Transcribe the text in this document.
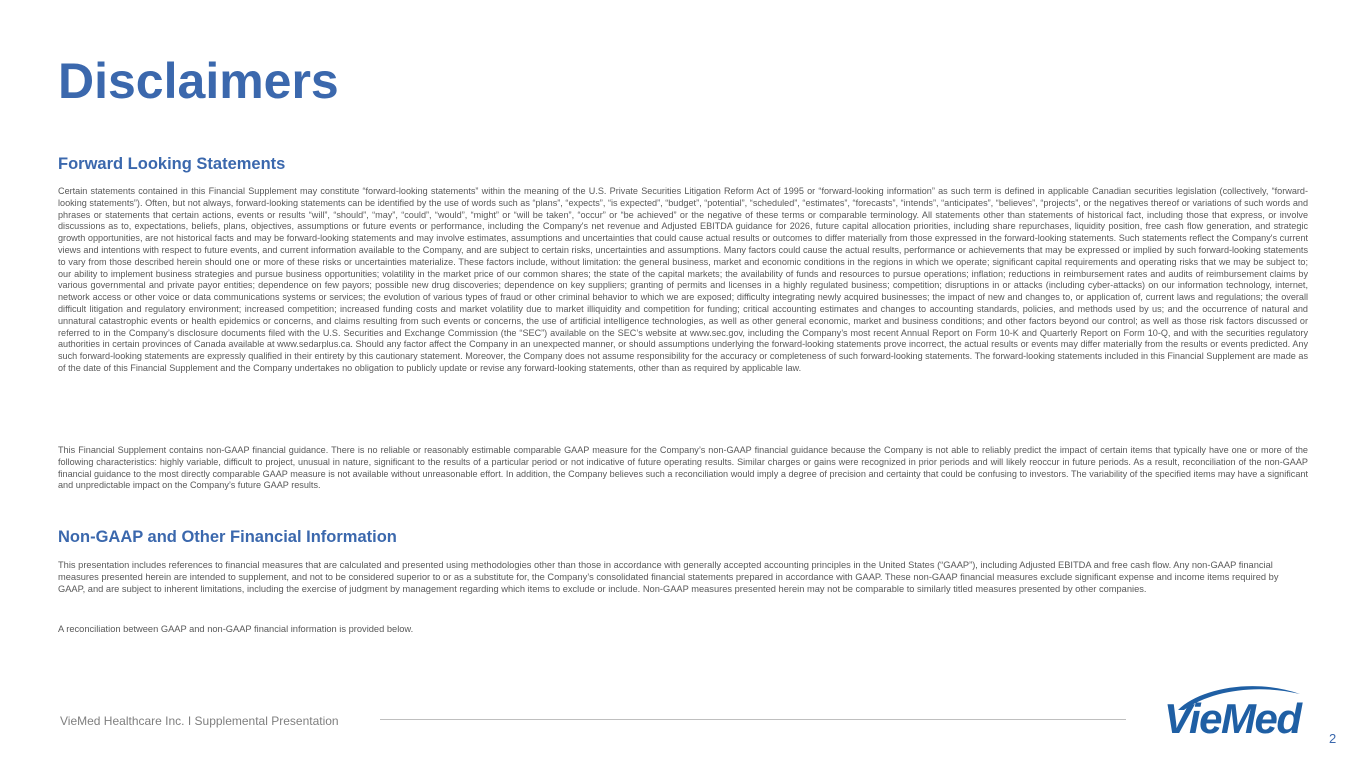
Disclaimers
Forward Looking Statements

Certain statements contained in this Financial Supplement may constitute “forward-looking statements” within the meaning of the U.S. Private Securities Litigation Reform Act of 1995 or “forward-looking information” as such term is defined in applicable Canadian securities legislation (collectively, “forward-looking statements”). Often, but not always, forward-looking statements can be identified by the use of words such as “plans”, “expects”, “is expected”, “budget”, “potential”, “scheduled”, “estimates”, “forecasts”, “intends”, “anticipates”, “believes”, “projects”, or the negatives thereof or variations of such words and phrases or statements that certain actions, events or results “will”, “should”, “may”, “could”, “would”, “might” or “will be taken”, “occur” or “be achieved” or the negative of these terms or comparable terminology. All statements other than statements of historical fact, including those that express, or involve discussions as to, expectations, beliefs, plans, objectives, assumptions or future events or performance, including the Company's net revenue and Adjusted EBITDA guidance for 2026, future capital allocation priorities, including share repurchases, liquidity position, free cash flow generation, and strategic growth opportunities, are not historical facts and may be forward-looking statements and may involve estimates, assumptions and uncertainties that could cause actual results or outcomes to differ materially from those expressed in the forward-looking statements. Such statements reflect the Company's current views and intentions with respect to future events, and current information available to the Company, and are subject to certain risks, uncertainties and assumptions. Many factors could cause the actual results, performance or achievements that may be expressed or implied by such forward-looking statements to vary from those described herein should one or more of these risks or uncertainties materialize. These factors include, without limitation: the general business, market and economic conditions in the regions in which we operate; significant capital requirements and operating risks that we may be subject to; our ability to implement business strategies and pursue business opportunities; volatility in the market price of our common shares; the state of the capital markets; the availability of funds and resources to pursue operations; inflation; reductions in reimbursement rates and audits of reimbursement claims by various governmental and private payor entities; dependence on few payors; possible new drug discoveries; dependence on key suppliers; granting of permits and licenses in a highly regulated business; competition; disruptions in or attacks (including cyber-attacks) on our information technology, internet, network access or other voice or data communications systems or services; the evolution of various types of fraud or other criminal behavior to which we are exposed; difficulty integrating newly acquired businesses; the impact of new and changes to, or application of, current laws and regulations; the overall difficult litigation and regulatory environment; increased competition; increased funding costs and market volatility due to market illiquidity and competition for funding; critical accounting estimates and changes to accounting standards, policies, and methods used by us; and the occurrence of natural and unnatural catastrophic events or health epidemics or concerns, and claims resulting from such events or concerns, the use of artificial intelligence technologies, as well as other general economic, market and business conditions; and other factors beyond our control; as well as those risk factors discussed or referred to in the Company’s disclosure documents filed with the U.S. Securities and Exchange Commission (the “SEC”) available on the SEC’s website at www.sec.gov, including the Company’s most recent Annual Report on Form 10-K and Quarterly Report on Form 10-Q, and with the securities regulatory authorities in certain provinces of Canada available at www.sedarplus.ca. Should any factor affect the Company in an unexpected manner, or should assumptions underlying the forward-looking statements prove incorrect, the actual results or events may differ materially from the results or events predicted. Any such forward-looking statements are expressly qualified in their entirety by this cautionary statement. Moreover, the Company does not assume responsibility for the accuracy or completeness of such forward-looking statements. The forward-looking statements included in this Financial Supplement are made as of the date of this Financial Supplement and the Company undertakes no obligation to publicly update or revise any forward-looking statements, other than as required by applicable law.

This Financial Supplement contains non-GAAP financial guidance. There is no reliable or reasonably estimable comparable GAAP measure for the Company’s non-GAAP financial guidance because the Company is not able to reliably predict the impact of certain items that typically have one or more of the following characteristics: highly variable, difficult to project, unusual in nature, significant to the results of a particular period or not indicative of future operating results. Similar charges or gains were recognized in prior periods and will likely reoccur in future periods. As a result, reconciliation of the non-GAAP financial guidance to the most directly comparable GAAP measure is not available without unreasonable effort. In addition, the Company believes such a reconciliation would imply a degree of precision and certainty that could be confusing to investors. The variability of the specified items may have a significant and unpredictable impact on the Company’s future GAAP results.

Non-GAAP and Other Financial Information

This presentation includes references to financial measures that are calculated and presented using methodologies other than those in accordance with generally accepted accounting principles in the United States (“GAAP”), including Adjusted EBITDA and free cash flow. Any non-GAAP financial measures presented herein are intended to supplement, and not to be considered superior to or as a substitute for, the Company’s consolidated financial statements prepared in accordance with GAAP. These non-GAAP financial measures exclude significant expense and income items required by GAAP, and are subject to inherent limitations, including the exercise of judgment by management regarding which items to exclude or include. Non-GAAP measures presented herein may not be comparable to similarly titled measures presented by other companies.

A reconciliation between GAAP and non-GAAP financial information is provided below.

VieMed Healthcare Inc. I Supplemental Presentation	VieMed 2
